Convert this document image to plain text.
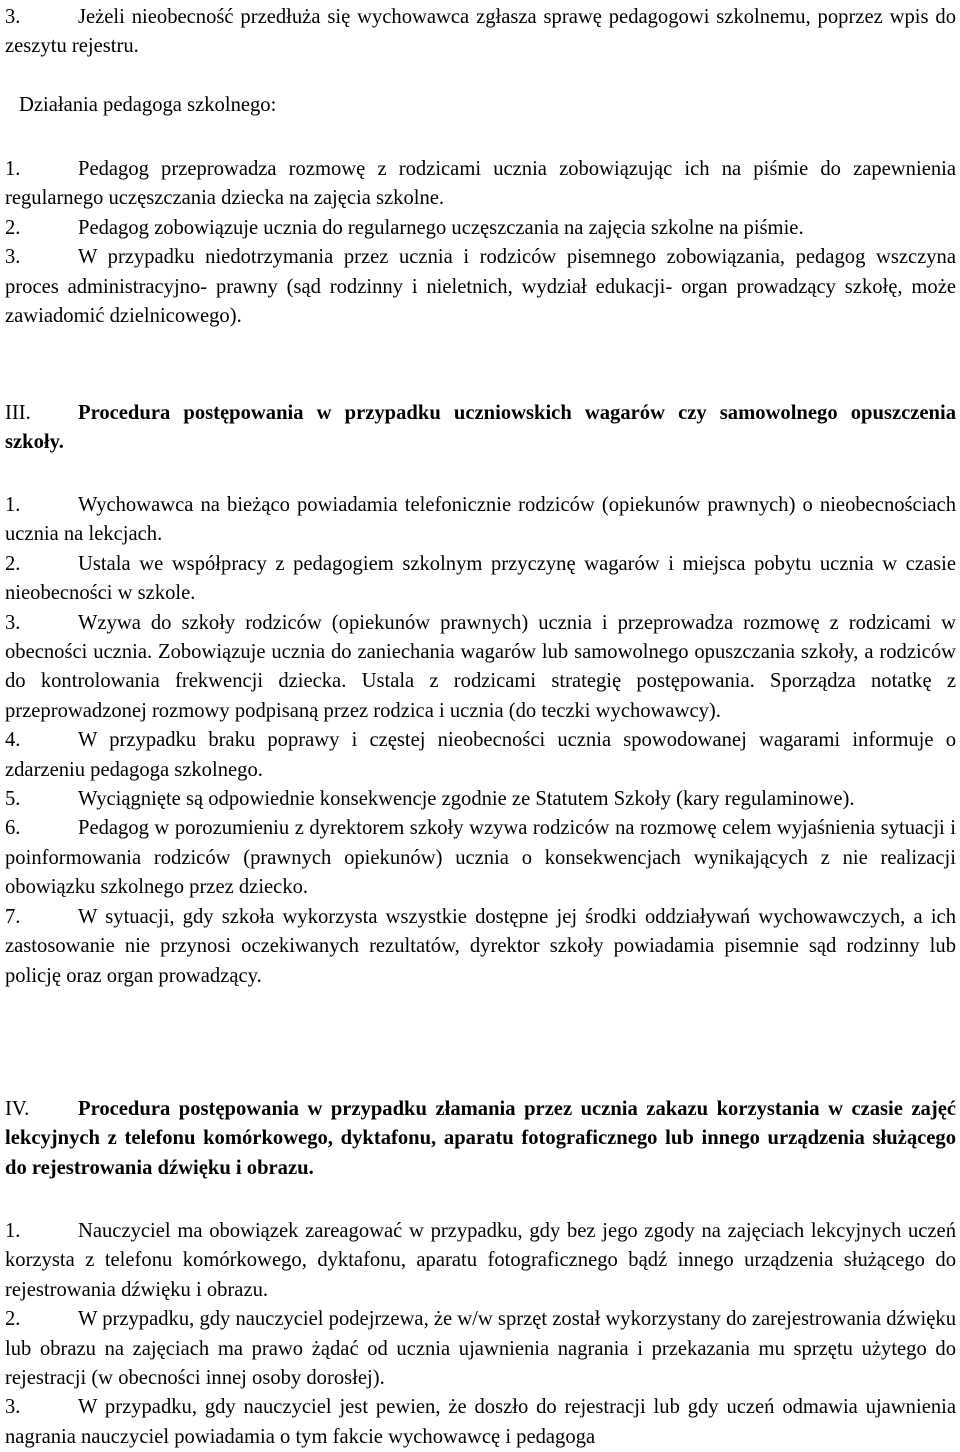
3.	Jeżeli nieobecność przedłuża się wychowawca zgłasza sprawę pedagogowi szkolnemu, poprzez wpis do zeszytu rejestru.
Działania pedagoga szkolnego:
1.	Pedagog przeprowadza rozmowę z rodzicami ucznia zobowiązując ich na piśmie do zapewnienia regularnego uczęszczania dziecka na zajęcia szkolne.
2.	Pedagog zobowiązuje ucznia do regularnego uczęszczania na zajęcia szkolne na piśmie.
3.	W przypadku niedotrzymania przez ucznia i rodziców pisemnego zobowiązania, pedagog wszczyna proces administracyjno- prawny (sąd rodzinny i nieletnich, wydział edukacji- organ prowadzący szkołę, może zawiadomić dzielnicowego).
III. Procedura postępowania w przypadku uczniowskich wagarów czy samowolnego opuszczenia szkoły.
1.	Wychowawca na bieżąco powiadamia telefonicznie rodziców (opiekunów prawnych) o nieobecnościach ucznia na lekcjach.
2.	Ustala we współpracy z pedagogiem szkolnym przyczynę wagarów i miejsca pobytu ucznia w czasie nieobecności w szkole.
3.	Wzywa do szkoły rodziców (opiekunów prawnych) ucznia i przeprowadza rozmowę z rodzicami w obecności ucznia. Zobowiązuje ucznia do zaniechania wagarów lub samowolnego opuszczania szkoły, a rodziców do kontrolowania frekwencji dziecka. Ustala z rodzicami strategię postępowania. Sporządza notatkę z przeprowadzonej rozmowy podpisaną przez rodzica i ucznia (do teczki wychowawcy).
4.	W przypadku braku poprawy i częstej nieobecności ucznia spowodowanej wagarami informuje o zdarzeniu pedagoga szkolnego.
5.	Wyciągnięte są odpowiednie konsekwencje zgodnie ze Statutem Szkoły (kary regulaminowe).
6.	Pedagog w porozumieniu z dyrektorem szkoły wzywa rodziców na rozmowę celem wyjaśnienia sytuacji i poinformowania rodziców (prawnych opiekunów) ucznia o konsekwencjach wynikających z nie realizacji obowiązku szkolnego przez dziecko.
7.	W sytuacji, gdy szkoła wykorzysta wszystkie dostępne jej środki oddziaływań wychowawczych, a ich zastosowanie nie przynosi oczekiwanych rezultatów, dyrektor szkoły powiadamia pisemnie sąd rodzinny lub policję oraz organ prowadzący.
IV. Procedura postępowania w przypadku złamania przez ucznia zakazu korzystania w czasie zajęć lekcyjnych z telefonu komórkowego, dyktafonu, aparatu fotograficznego lub innego urządzenia służącego do rejestrowania dźwięku i obrazu.
1.	Nauczyciel ma obowiązek zareagować w przypadku, gdy bez jego zgody na zajęciach lekcyjnych uczeń korzysta z telefonu komórkowego, dyktafonu, aparatu fotograficznego bądź innego urządzenia służącego do rejestrowania dźwięku i obrazu.
2.	W przypadku, gdy nauczyciel podejrzewa, że w/w sprzęt został wykorzystany do zarejestrowania dźwięku lub obrazu na zajęciach ma prawo żądać od ucznia ujawnienia nagrania i przekazania mu sprzętu użytego do rejestracji (w obecności innej osoby dorosłej).
3.	W przypadku, gdy nauczyciel jest pewien, że doszło do rejestracji lub gdy uczeń odmawia ujawnienia nagrania nauczyciel powiadamia o tym fakcie wychowawcę i pedagoga
